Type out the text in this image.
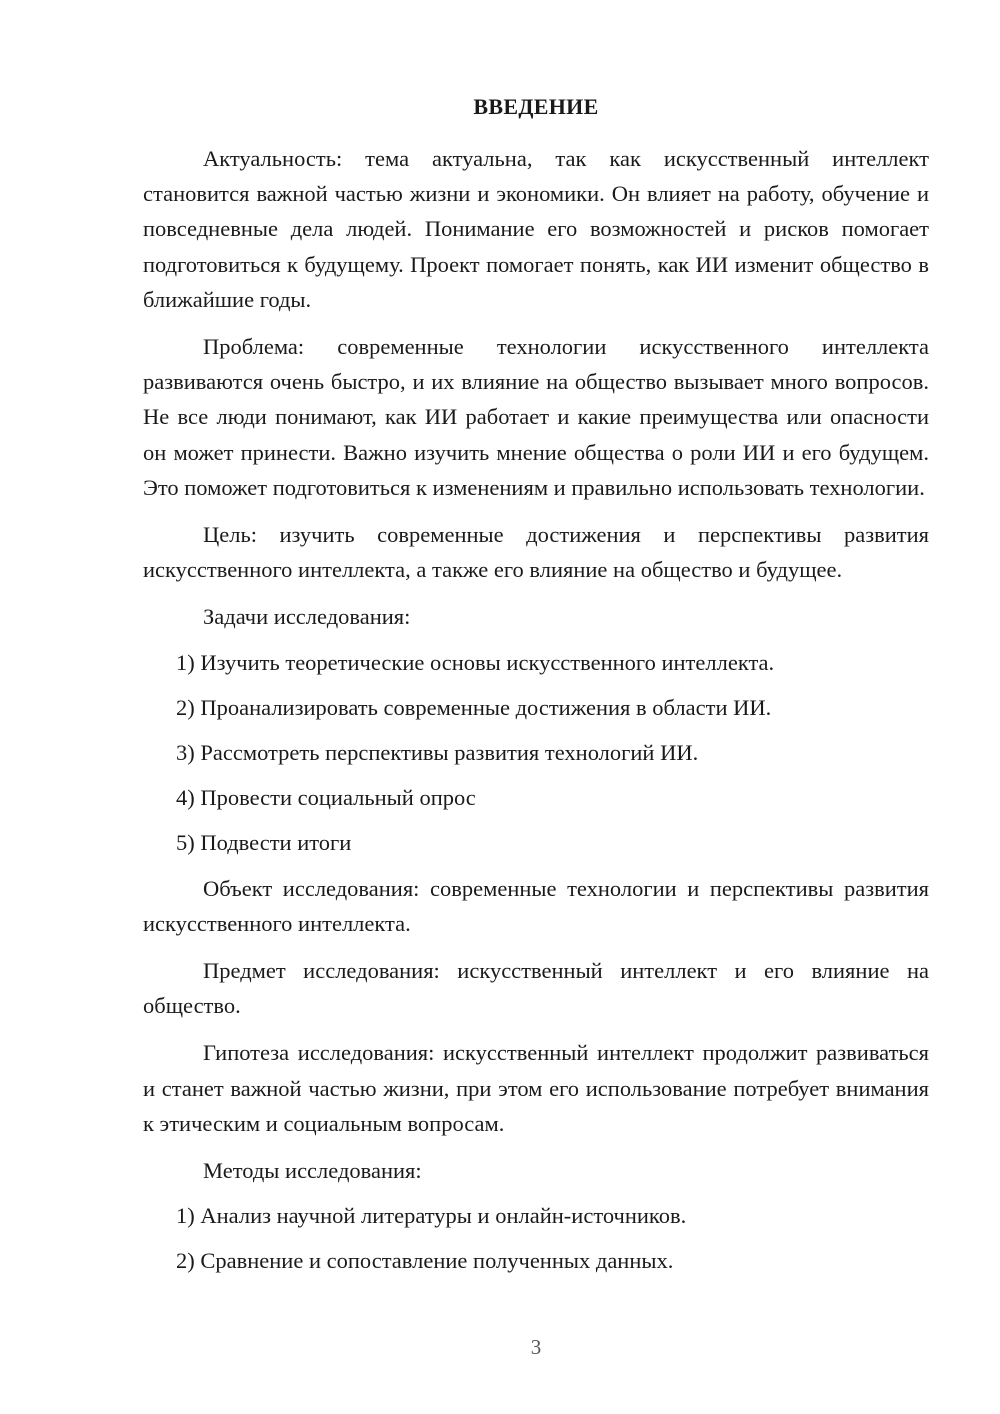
ВВЕДЕНИЕ

Актуальность: тема актуальна, так как искусственный интеллект становится важной частью жизни и экономики. Он влияет на работу, обучение и повседневные дела людей. Понимание его возможностей и рисков помогает подготовиться к будущему. Проект помогает понять, как ИИ изменит общество в ближайшие годы.

Проблема: современные технологии искусственного интеллекта развиваются очень быстро, и их влияние на общество вызывает много вопросов. Не все люди понимают, как ИИ работает и какие преимущества или опасности он может принести. Важно изучить мнение общества о роли ИИ и его будущем. Это поможет подготовиться к изменениям и правильно использовать технологии.

Цель: изучить современные достижения и перспективы развития искусственного интеллекта, а также его влияние на общество и будущее.

Задачи исследования:

1) Изучить теоретические основы искусственного интеллекта.
2) Проанализировать современные достижения в области ИИ.
3) Рассмотреть перспективы развития технологий ИИ.
4) Провести социальный опрос
5) Подвести итоги

Объект исследования: современные технологии и перспективы развития искусственного интеллекта.

Предмет исследования: искусственный интеллект и его влияние на общество.

Гипотеза исследования: искусственный интеллект продолжит развиваться и станет важной частью жизни, при этом его использование потребует внимания к этическим и социальным вопросам.

Методы исследования:

1) Анализ научной литературы и онлайн-источников.
2) Сравнение и сопоставление полученных данных.
3
